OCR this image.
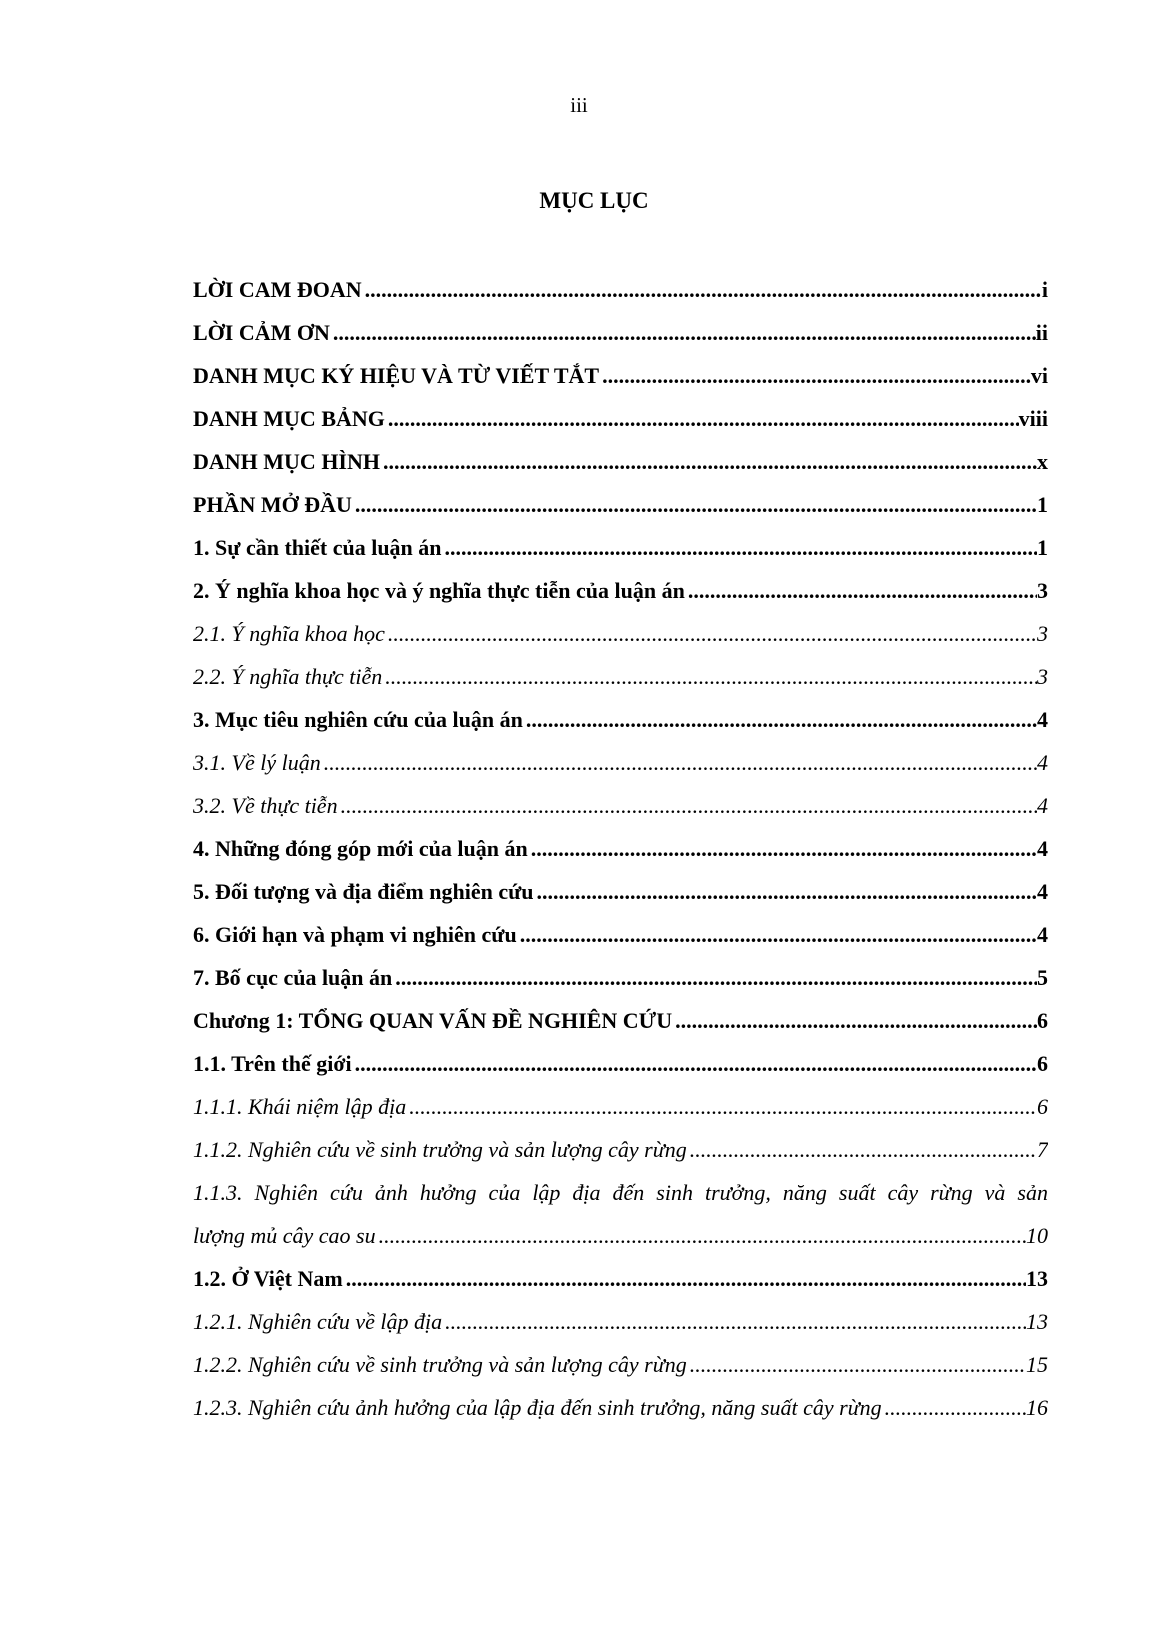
iii
MỤC LỤC
LỜI CAM ĐOAN .....	i
LỜI CẢM ƠN .....	ii
DANH MỤC KÝ HIỆU VÀ TỪ VIẾT TẮT .....	vi
DANH MỤC BẢNG .....	viii
DANH MỤC HÌNH .....	x
PHẦN MỞ ĐẦU .....	1
1. Sự cần thiết của luận án .....	1
2. Ý nghĩa khoa học và ý nghĩa thực tiễn của luận án .....	3
2.1. Ý nghĩa khoa học .....	3
2.2. Ý nghĩa thực tiễn .....	3
3. Mục tiêu nghiên cứu của luận án .....	4
3.1. Về lý luận .....	4
3.2. Về thực tiễn .....	4
4. Những đóng góp mới của luận án .....	4
5. Đối tượng và địa điểm nghiên cứu .....	4
6. Giới hạn và phạm vi nghiên cứu .....	4
7. Bố cục của luận án .....	5
Chương 1: TỔNG QUAN VẤN ĐỀ NGHIÊN CỨU .....	6
1.1. Trên thế giới .....	6
1.1.1. Khái niệm lập địa .....	6
1.1.2. Nghiên cứu về sinh trưởng và sản lượng cây rừng .....	7
1.1.3. Nghiên cứu ảnh hưởng của lập địa đến sinh trưởng, năng suất cây rừng và sản
lượng mủ cây cao su .....	10
1.2. Ở Việt Nam .....	13
1.2.1. Nghiên cứu về lập địa .....	13
1.2.2. Nghiên cứu về sinh trưởng và sản lượng cây rừng .....	15
1.2.3. Nghiên cứu ảnh hưởng của lập địa đến sinh trưởng, năng suất cây rừng .....	16
